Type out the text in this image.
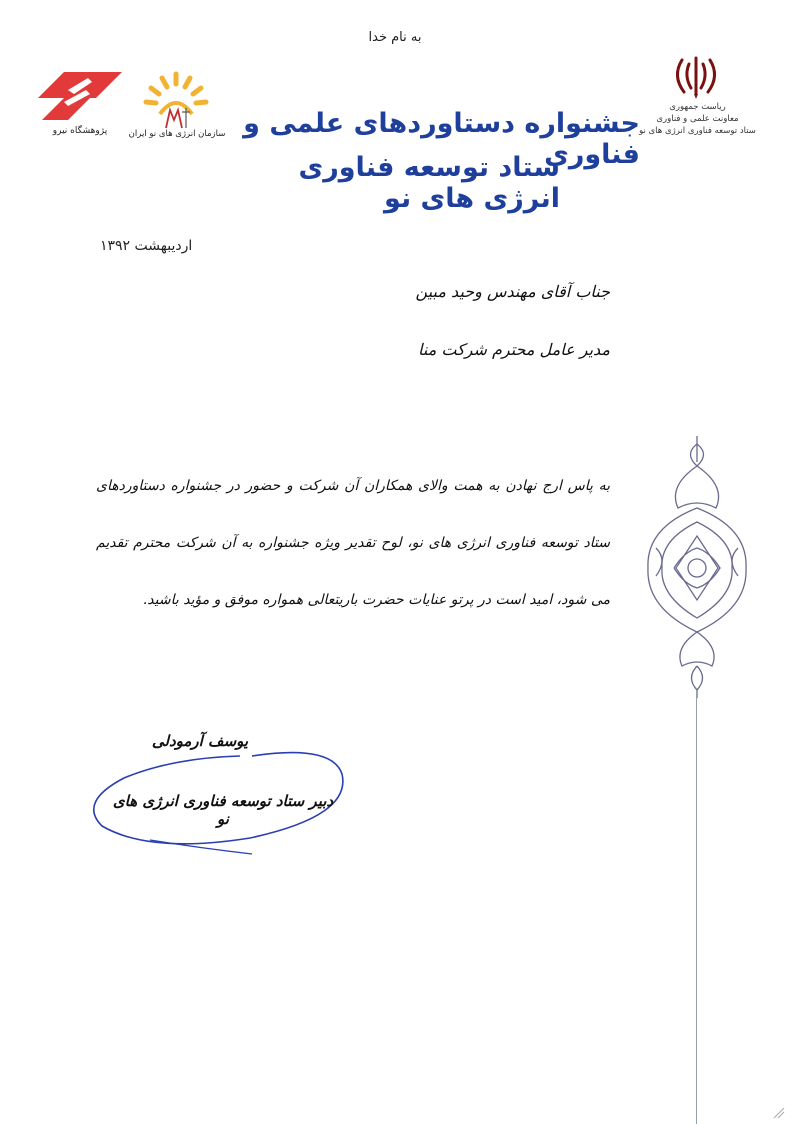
به نام خدا
پژوهشگاه نیرو	سازمان انرژی های نو ایران جشنواره دستاوردهای علمی و فناوری
ستاد توسعه فناوری انرژی های نو
ریاست جمهوری
معاونت علمی و فناوری
ستاد توسعه فناوری انرژی های نو
اردیبهشت ۱۳۹۲
جناب آقای مهندس وحید مبین
مدیر عامل محترم شرکت منا
به پاس ارج نهادن به همت والای همکاران آن شرکت و حضور در جشنواره دستاوردهای ستاد توسعه فناوری انرژی های نو، لوح تقدیر ویژه جشنواره به آن شرکت محترم تقدیم می شود، امید است در پرتو عنایات حضرت باریتعالی همواره موفق و مؤید باشید.
یوسف آرمودلی
دبیر ستاد توسعه فناوری انرژی های نو
